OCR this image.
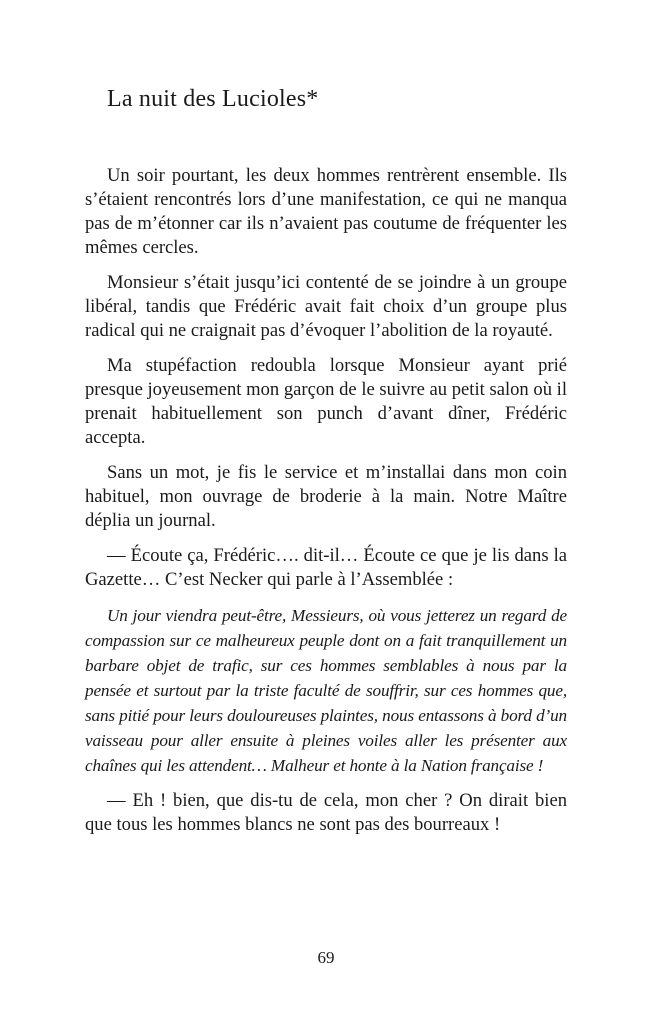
La nuit des Lucioles*

Un soir pourtant, les deux hommes rentrèrent ensemble. Ils s’étaient rencontrés lors d’une manifestation, ce qui ne manqua pas de m’étonner car ils n’avaient pas coutume de fréquenter les mêmes cercles.

Monsieur s’était jusqu’ici contenté de se joindre à un groupe libéral, tandis que Frédéric avait fait choix d’un groupe plus radical qui ne craignait pas d’évoquer l’abolition de la royauté.

Ma stupéfaction redoubla lorsque Monsieur ayant prié presque joyeusement mon garçon de le suivre au petit salon où il prenait habituellement son punch d’avant dîner, Frédéric accepta.

Sans un mot, je fis le service et m’installai dans mon coin habituel, mon ouvrage de broderie à la main. Notre Maître déplia un journal.

— Écoute ça, Frédéric…. dit-il… Écoute ce que je lis dans la Gazette… C’est Necker qui parle à l’Assemblée :

Un jour viendra peut-être, Messieurs, où vous jetterez un regard de compassion sur ce malheureux peuple dont on a fait tranquillement un barbare objet de trafic, sur ces hommes semblables à nous par la pensée et surtout par la triste faculté de souffrir, sur ces hommes que, sans pitié pour leurs douloureuses plaintes, nous entassons à bord d’un vaisseau pour aller ensuite à pleines voiles aller les présenter aux chaînes qui les attendent… Malheur et honte à la Nation française !

— Eh ! bien, que dis-tu de cela, mon cher ? On dirait bien que tous les hommes blancs ne sont pas des bourreaux !

69
